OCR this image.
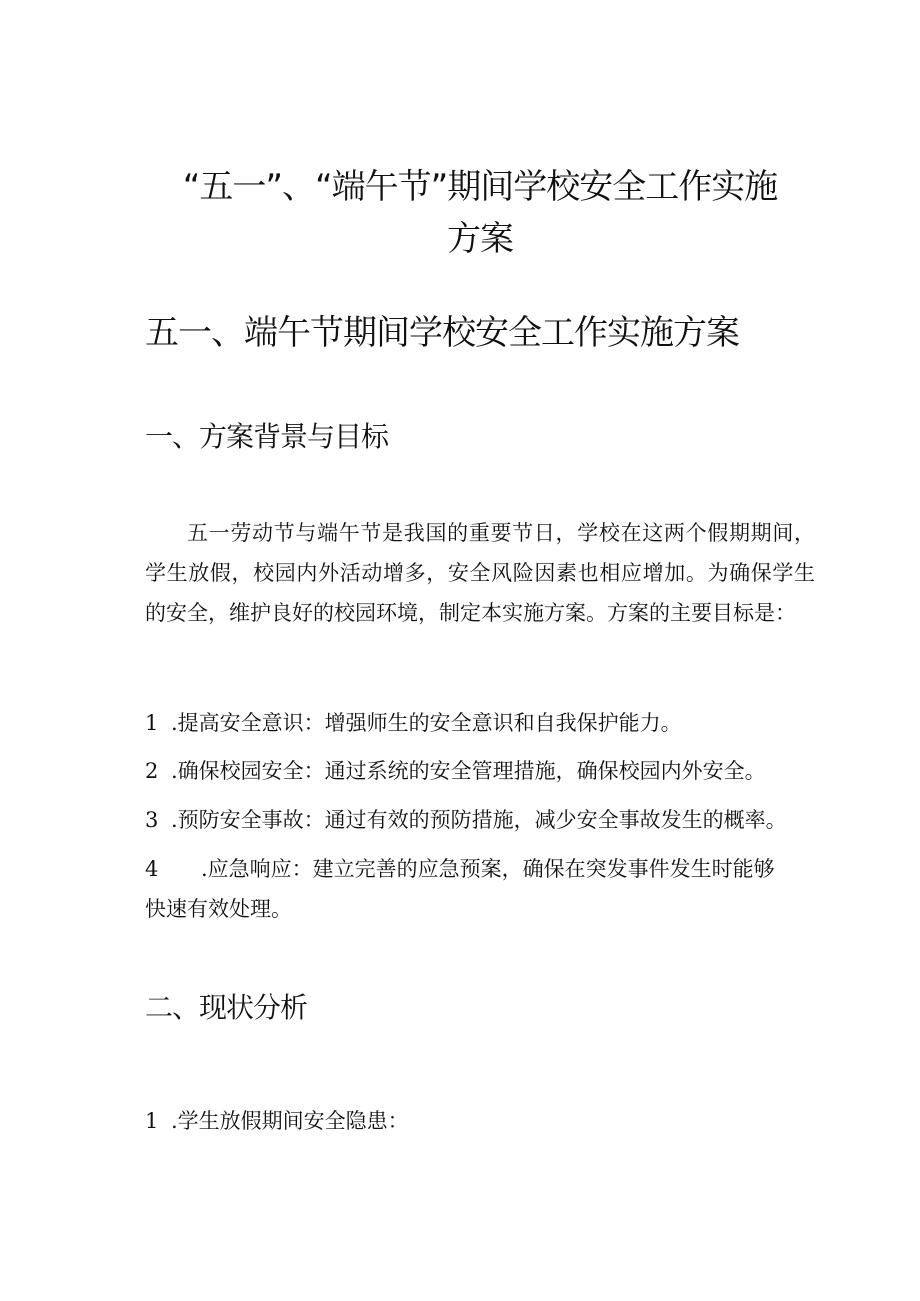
“五一”、“端午节”期间学校安全工作实施
方案
五一、端午节期间学校安全工作实施方案
一、方案背景与目标
五一劳动节与端午节是我国的重要节日，学校在这两个假期期间，学生放假，校园内外活动增多，安全风险因素也相应增加。为确保学生的安全，维护良好的校园环境，制定本实施方案。方案的主要目标是：
1 .提高安全意识：增强师生的安全意识和自我保护能力。
2 .确保校园安全：通过系统的安全管理措施，确保校园内外安全。
3 .预防安全事故：通过有效的预防措施，减少安全事故发生的概率。
4 .应急响应：建立完善的应急预案，确保在突发事件发生时能够
快速有效处理。
二、现状分析
1 .学生放假期间安全隐患：
